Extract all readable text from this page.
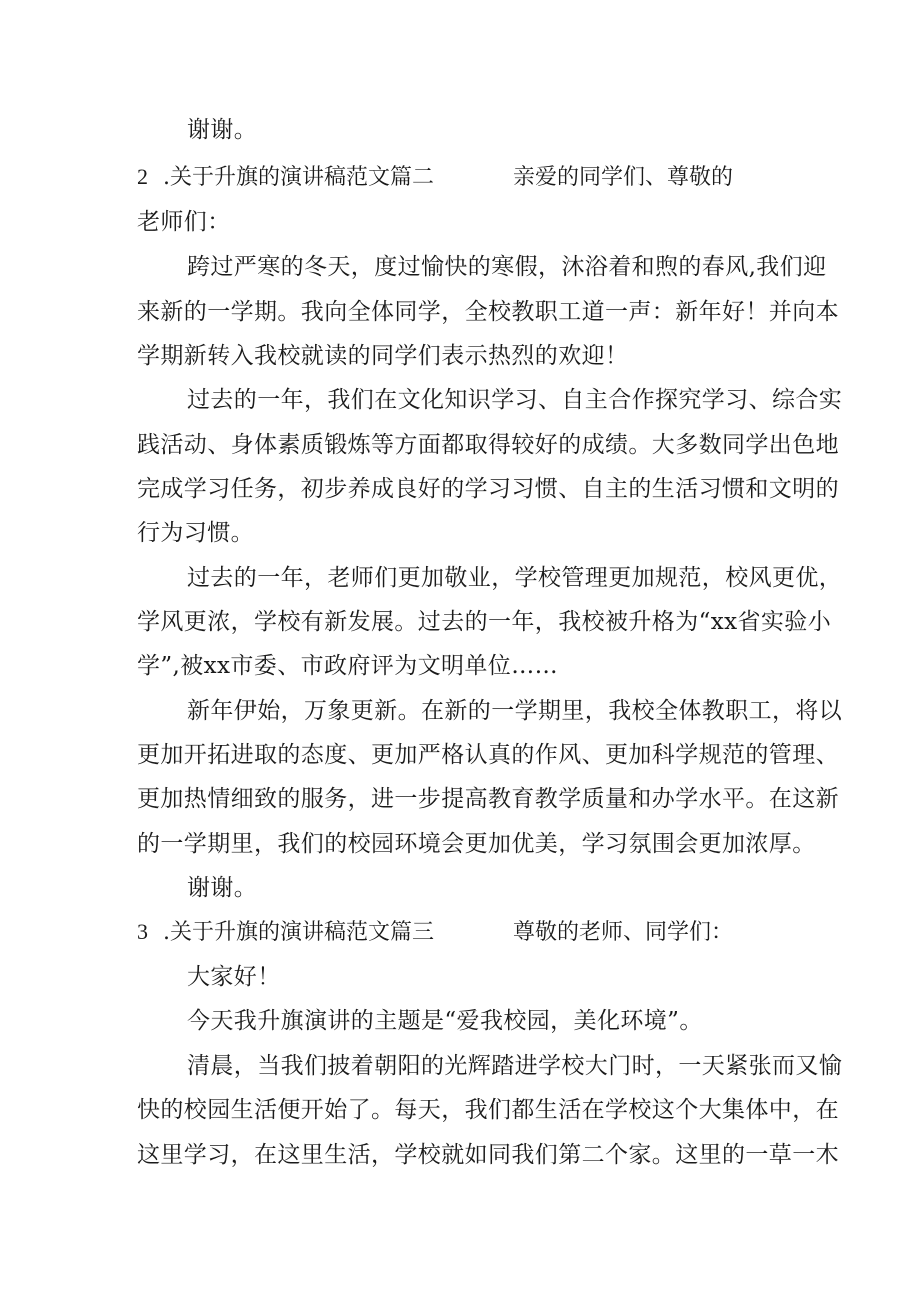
谢谢。
2 .关于升旗的演讲稿范文篇二	亲爱的同学们、尊敬的
老师们：
跨过严寒的冬天，度过愉快的寒假，沐浴着和煦的春风,我们迎
来新的一学期。我向全体同学，全校教职工道一声：新年好！并向本
学期新转入我校就读的同学们表示热烈的欢迎！
过去的一年，我们在文化知识学习、自主合作探究学习、综合实
践活动、身体素质锻炼等方面都取得较好的成绩。大多数同学出色地
完成学习任务，初步养成良好的学习习惯、自主的生活习惯和文明的
行为习惯。
过去的一年，老师们更加敬业，学校管理更加规范，校风更优，
学风更浓，学校有新发展。过去的一年，我校被升格为“xx省实验小
学”,被xx市委、市政府评为文明单位……
新年伊始，万象更新。在新的一学期里，我校全体教职工，将以
更加开拓进取的态度、更加严格认真的作风、更加科学规范的管理、
更加热情细致的服务，进一步提高教育教学质量和办学水平。在这新
的一学期里，我们的校园环境会更加优美，学习氛围会更加浓厚。
谢谢。
3 .关于升旗的演讲稿范文篇三	尊敬的老师、同学们：
大家好！
今天我升旗演讲的主题是“爱我校园，美化环境”。
清晨，当我们披着朝阳的光辉踏进学校大门时，一天紧张而又愉
快的校园生活便开始了。每天，我们都生活在学校这个大集体中，在
这里学习，在这里生活，学校就如同我们第二个家。这里的一草一木
